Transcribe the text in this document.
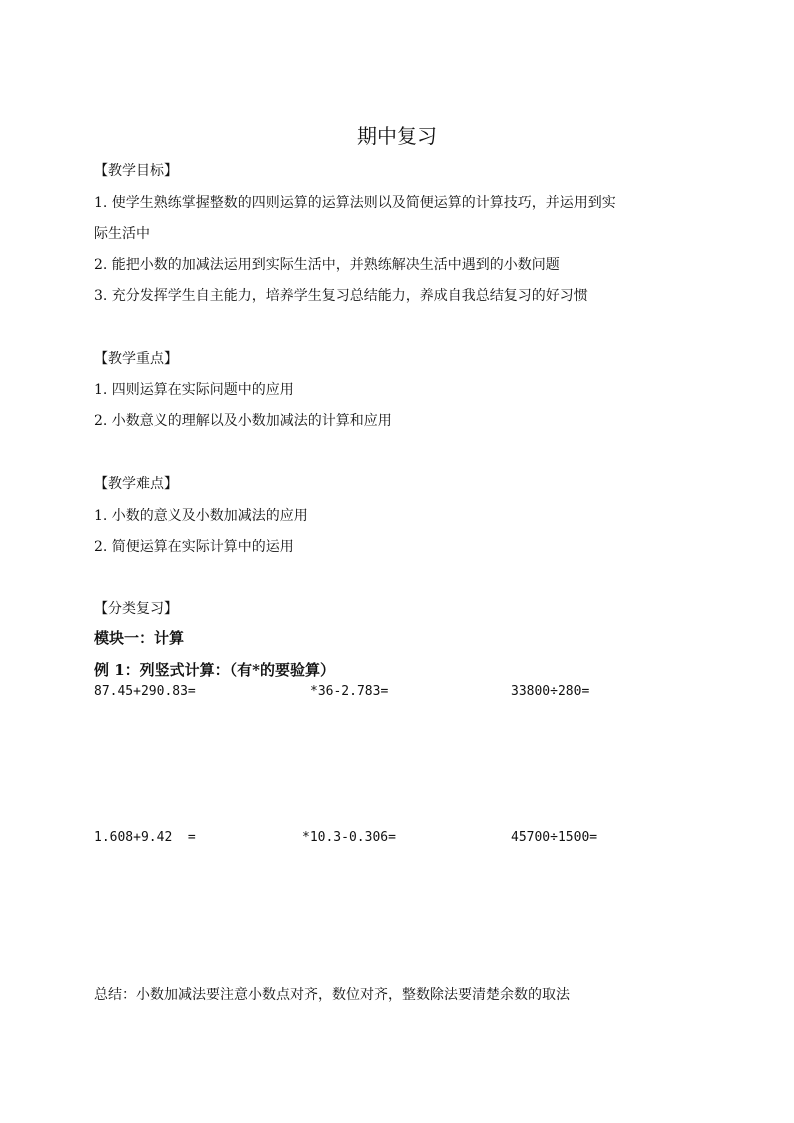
期中复习
【教学目标】
1. 使学生熟练掌握整数的四则运算的运算法则以及简便运算的计算技巧，并运用到实
际生活中
2. 能把小数的加减法运用到实际生活中，并熟练解决生活中遇到的小数问题
3. 充分发挥学生自主能力，培养学生复习总结能力，养成自我总结复习的好习惯
【教学重点】
1. 四则运算在实际问题中的应用
2. 小数意义的理解以及小数加减法的计算和应用
【教学难点】
1. 小数的意义及小数加减法的应用
2. 简便运算在实际计算中的运用
【分类复习】
模块一：计算
例 1：列竖式计算：（有*的要验算）
87.45+290.83=	*36-2.783=	33800÷280=
1.608+9.42  =	*10.3-0.306=	45700÷1500=
总结：小数加减法要注意小数点对齐，数位对齐，整数除法要清楚余数的取法
